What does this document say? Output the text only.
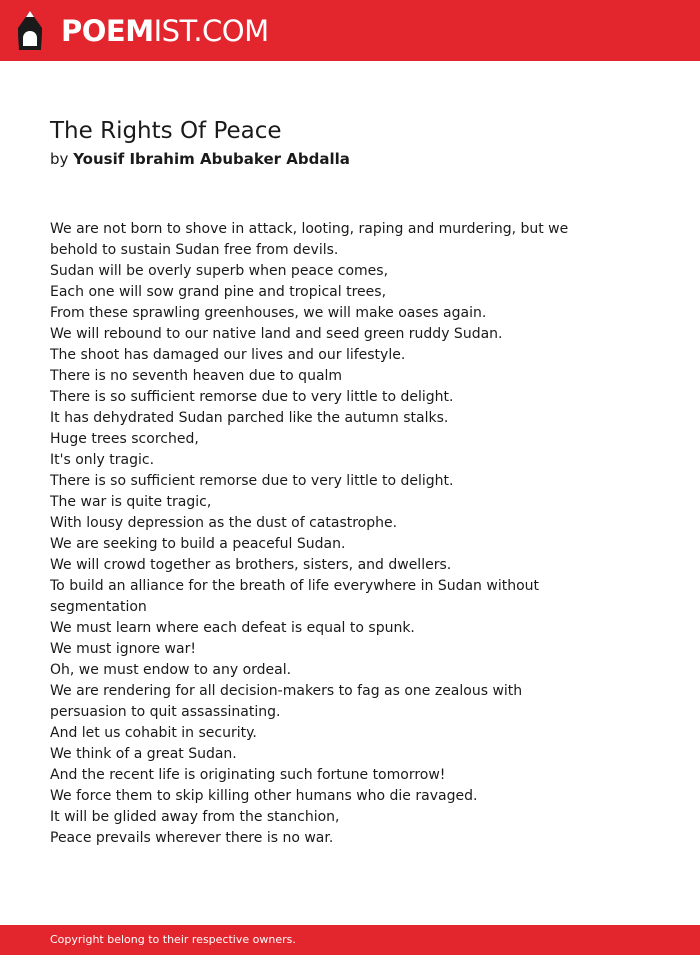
POEMIST.COM
The Rights Of Peace
by Yousif Ibrahim Abubaker Abdalla
We are not born to shove in attack, looting, raping and murdering, but we behold to sustain Sudan free from devils.
Sudan will be overly superb when peace comes,
Each one will sow grand pine and tropical trees,
From these sprawling greenhouses, we will make oases again.
We will rebound to our native land and seed green ruddy Sudan.
The shoot has damaged our lives and our lifestyle.
There is no seventh heaven due to qualm
There is so sufficient remorse due to very little to delight.
It has dehydrated Sudan parched like the autumn stalks.
Huge trees scorched,
It's only tragic.
There is so sufficient remorse due to very little to delight.
The war is quite tragic,
With lousy depression as the dust of catastrophe.
We are seeking to build a peaceful Sudan.
We will crowd together as brothers, sisters, and dwellers.
To build an alliance for the breath of life everywhere in Sudan without segmentation
We must learn where each defeat is equal to spunk.
We must ignore war!
Oh, we must endow to any ordeal.
We are rendering for all decision-makers to fag as one zealous with persuasion to quit assassinating.
And let us cohabit in security.
We think of a great Sudan.
And the recent life is originating such fortune tomorrow!
We force them to skip killing other humans who die ravaged.
It will be glided away from the stanchion,
Peace prevails wherever there is no war.
Copyright belong to their respective owners.
